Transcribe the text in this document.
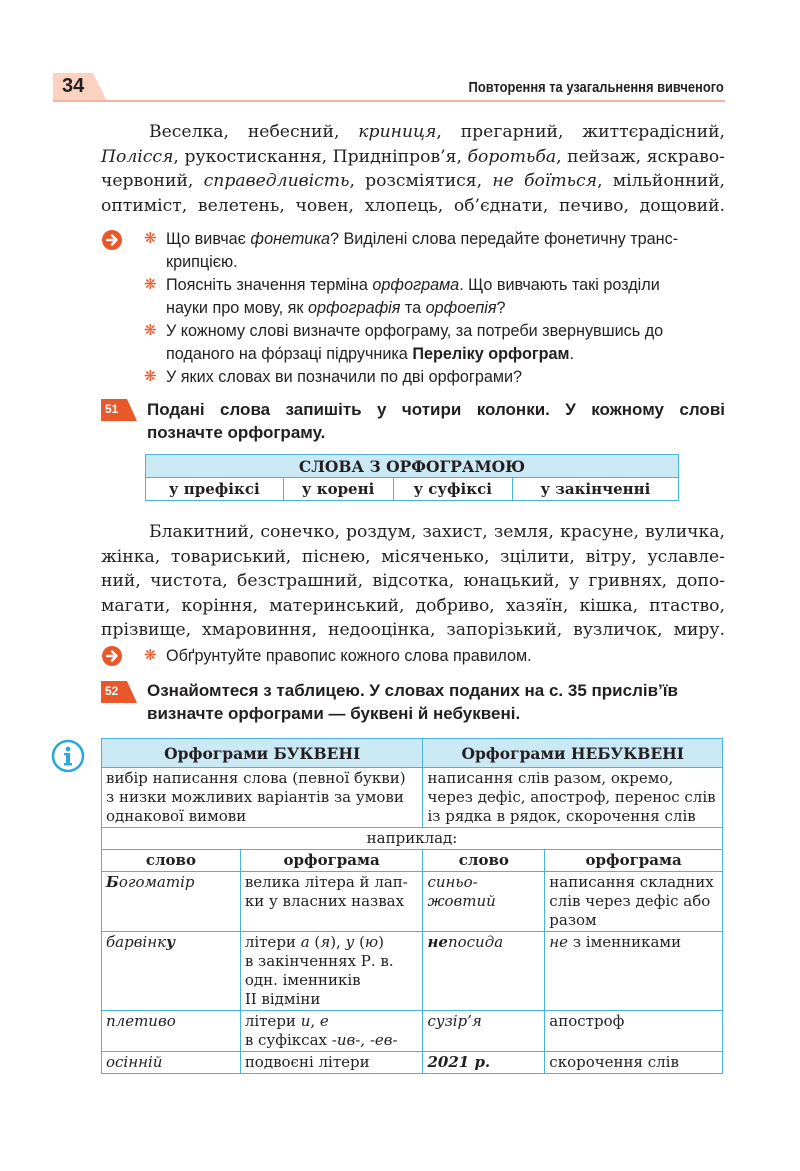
34	Повторення та узагальнення вивченого

Веселка, небесний, криниця, прегарний, життєрадісний,

Полісся, рукостискання, Придніпров’я, боротьба, пейзаж, яскраво-

червоний, справедливість, розсміятися, не боїться, мільйонний,

оптиміст, велетень, човен, хлопець, об’єднати, печиво, дощовий.

❋ Що вивчає фонетика? Виділені слова передайте фонетичну транс-
крипцією.
❋ Поясніть значення терміна орфограма. Що вивчають такі розділи
науки про мову, як орфографія та орфоепія?
❋ У кожному слові визначте орфограму, за потреби звернувшись до
поданого на фо́рзаці підручника Переліку орфограм.
❋ У яких словах ви позначили по дві орфограми?
51 Подані слова запишіть у чотири колонки. У кожному слові
позначте орфограму.
СЛОВА З ОРФОГРАМОЮ
у префіксі	у корені	у суфіксі	у закінченні

Блакитний, сонечко, роздум, захист, земля, красуне, вуличка,

жінка, товариський, піснею, місяченько, зцілити, вітру, уславле-

ний, чистота, безстрашний, відсотка, юнацький, у гривнях, допо-

магати, коріння, материнський, добриво, хазяїн, кішка, птаство,

прізвище, хмаровиння, недооцінка, запорізький, вузличок, миру.

❋ Обґрунтуйте правопис кожного слова правилом.
52 Ознайомтеся з таблицею. У словах поданих на с. 35 прислів’їв
визначте орфограми — буквені й небуквені.
Орфограми БУКВЕНІ		Орфограми НЕБУКВЕНІ	
вибір написання слова (певної букви)
з низки можливих варіантів за умови
однакової вимови		написання слів разом, окремо,
через дефіс, апостроф, перенос слів
із рядка в рядок, скорочення слів	
наприклад:			
слово	орфограма	слово	орфограма
Богоматір	велика літера й лап-
ки у власних назвах	синьо-жовтий	написання складних
слів через дефіс або
разом
барвінку	літери а (я), у (ю)
в закінченнях Р. в.
одн. іменників
ІІ відміни	непосида	не з іменниками
плетиво	літери и, е
в суфіксах -ив-, -ев-	сузір’я	апостроф
осінній	подвоєні літери	2021 р.	скорочення слів
